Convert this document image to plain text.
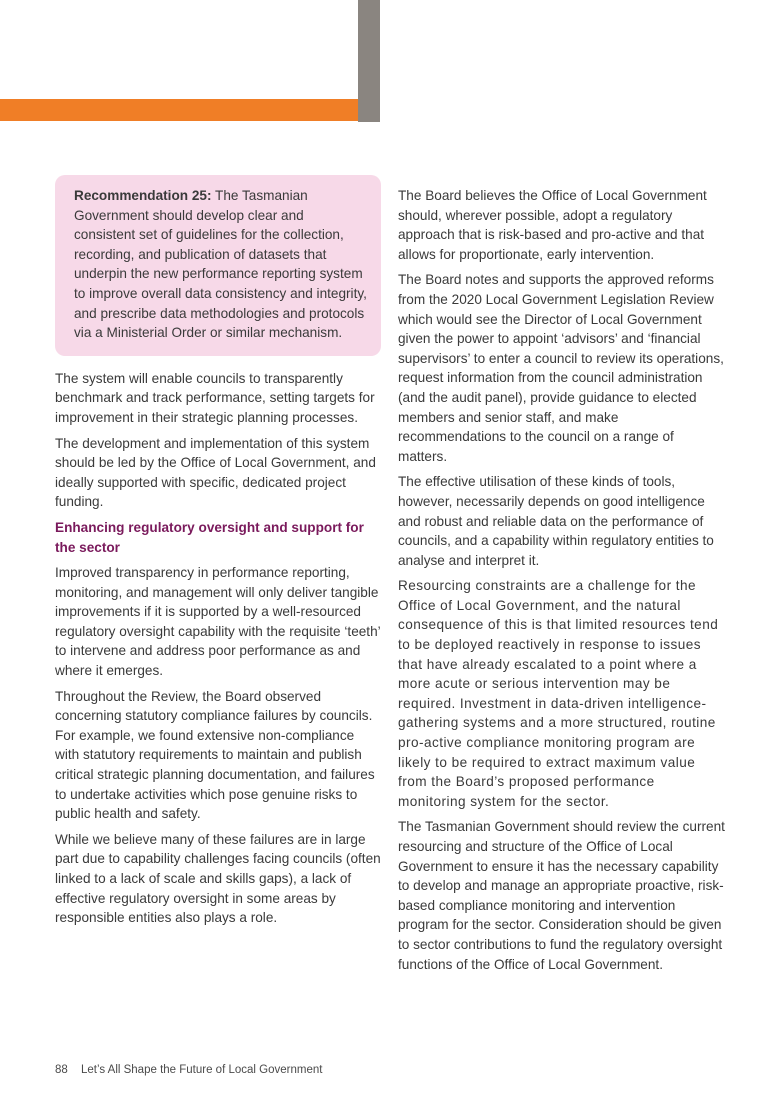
Recommendation 25: The Tasmanian Government should develop clear and consistent set of guidelines for the collection, recording, and publication of datasets that underpin the new performance reporting system to improve overall data consistency and integrity, and prescribe data methodologies and protocols via a Ministerial Order or similar mechanism.

The system will enable councils to transparently benchmark and track performance, setting targets for improvement in their strategic planning processes.

The development and implementation of this system should be led by the Office of Local Government, and ideally supported with specific, dedicated project funding.

Enhancing regulatory oversight and support for the sector

Improved transparency in performance reporting, monitoring, and management will only deliver tangible improvements if it is supported by a well-resourced regulatory oversight capability with the requisite ‘teeth’ to intervene and address poor performance as and where it emerges.

Throughout the Review, the Board observed concerning statutory compliance failures by councils. For example, we found extensive non-compliance with statutory requirements to maintain and publish critical strategic planning documentation, and failures to undertake activities which pose genuine risks to public health and safety.

While we believe many of these failures are in large part due to capability challenges facing councils (often linked to a lack of scale and skills gaps), a lack of effective regulatory oversight in some areas by responsible entities also plays a role.

The Board believes the Office of Local Government should, wherever possible, adopt a regulatory approach that is risk-based and pro-active and that allows for proportionate, early intervention.

The Board notes and supports the approved reforms from the 2020 Local Government Legislation Review which would see the Director of Local Government given the power to appoint ‘advisors’ and ‘financial supervisors’ to enter a council to review its operations, request information from the council administration (and the audit panel), provide guidance to elected members and senior staff, and make recommendations to the council on a range of matters.

The effective utilisation of these kinds of tools, however, necessarily depends on good intelligence and robust and reliable data on the performance of councils, and a capability within regulatory entities to analyse and interpret it.

Resourcing constraints are a challenge for the Office of Local Government, and the natural consequence of this is that limited resources tend to be deployed reactively in response to issues that have already escalated to a point where a more acute or serious intervention may be required. Investment in data-driven intelligence-gathering systems and a more structured, routine pro-active compliance monitoring program are likely to be required to extract maximum value from the Board’s proposed performance monitoring system for the sector.

The Tasmanian Government should review the current resourcing and structure of the Office of Local Government to ensure it has the necessary capability to develop and manage an appropriate proactive, risk-based compliance monitoring and intervention program for the sector. Consideration should be given to sector contributions to fund the regulatory oversight functions of the Office of Local Government.

88 Let’s All Shape the Future of Local Government
